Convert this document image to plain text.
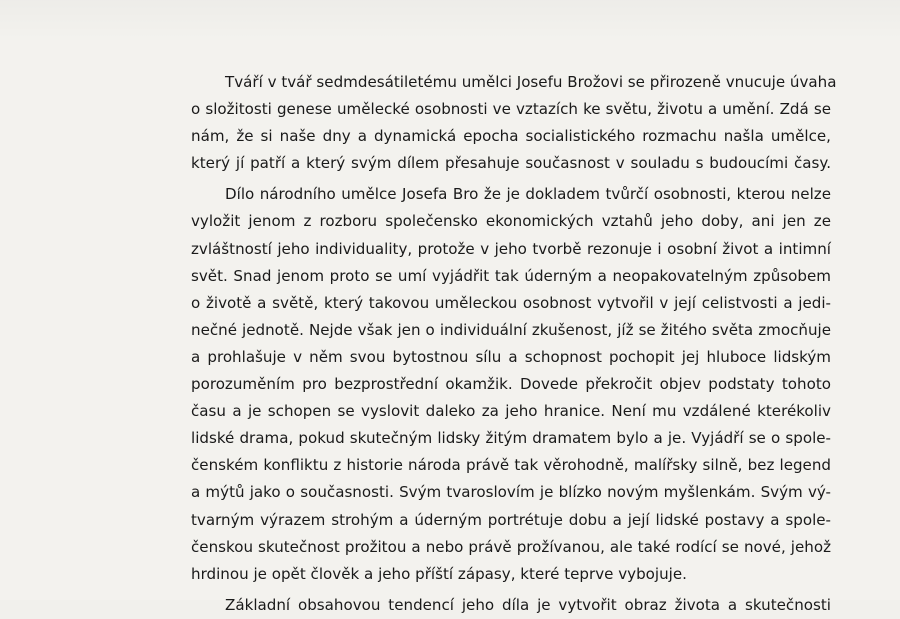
Tváří v tvář sedmdesátiletému umělci Josefu Brožovi se přirozeně vnucuje úvaha
o složitosti genese umělecké osobnosti ve vztazích ke světu, životu a umění. Zdá se
nám, že si naše dny a dynamická epocha socialistického rozmachu našla umělce,
který jí patří a který svým dílem přesahuje současnost v souladu s budoucími časy.
Dílo národního umělce Josefa Bro že je dokladem tvůrčí osobnosti, kterou nelze
vyložit jenom z rozboru společensko ekonomických vztahů jeho doby, ani jen ze
zvláštností jeho individuality, protože v jeho tvorbě rezonuje i osobní život a intimní
svět. Snad jenom proto se umí vyjádřit tak úderným a neopakovatelným způsobem
o životě a světě, který takovou uměleckou osobnost vytvořil v její celistvosti a jedi-
nečné jednotě. Nejde však jen o individuální zkušenost, jíž se žitého světa zmocňuje
a prohlašuje v něm svou bytostnou sílu a schopnost pochopit jej hluboce lidským
porozuměním pro bezprostřední okamžik. Dovede překročit objev podstaty tohoto
času a je schopen se vyslovit daleko za jeho hranice. Není mu vzdálené kterékoliv
lidské drama, pokud skutečným lidsky žitým dramatem bylo a je. Vyjádří se o spole-
čenském konfliktu z historie národa právě tak věrohodně, malířsky silně, bez legend
a mýtů jako o současnosti. Svým tvaroslovím je blízko novým myšlenkám. Svým vý-
tvarným výrazem strohým a úderným portrétuje dobu a její lidské postavy a spole-
čenskou skutečnost prožitou a nebo právě prožívanou, ale také rodící se nové, jehož
hrdinou je opět člověk a jeho příští zápasy, které teprve vybojuje.
Základní obsahovou tendencí jeho díla je vytvořit obraz života a skutečnosti
